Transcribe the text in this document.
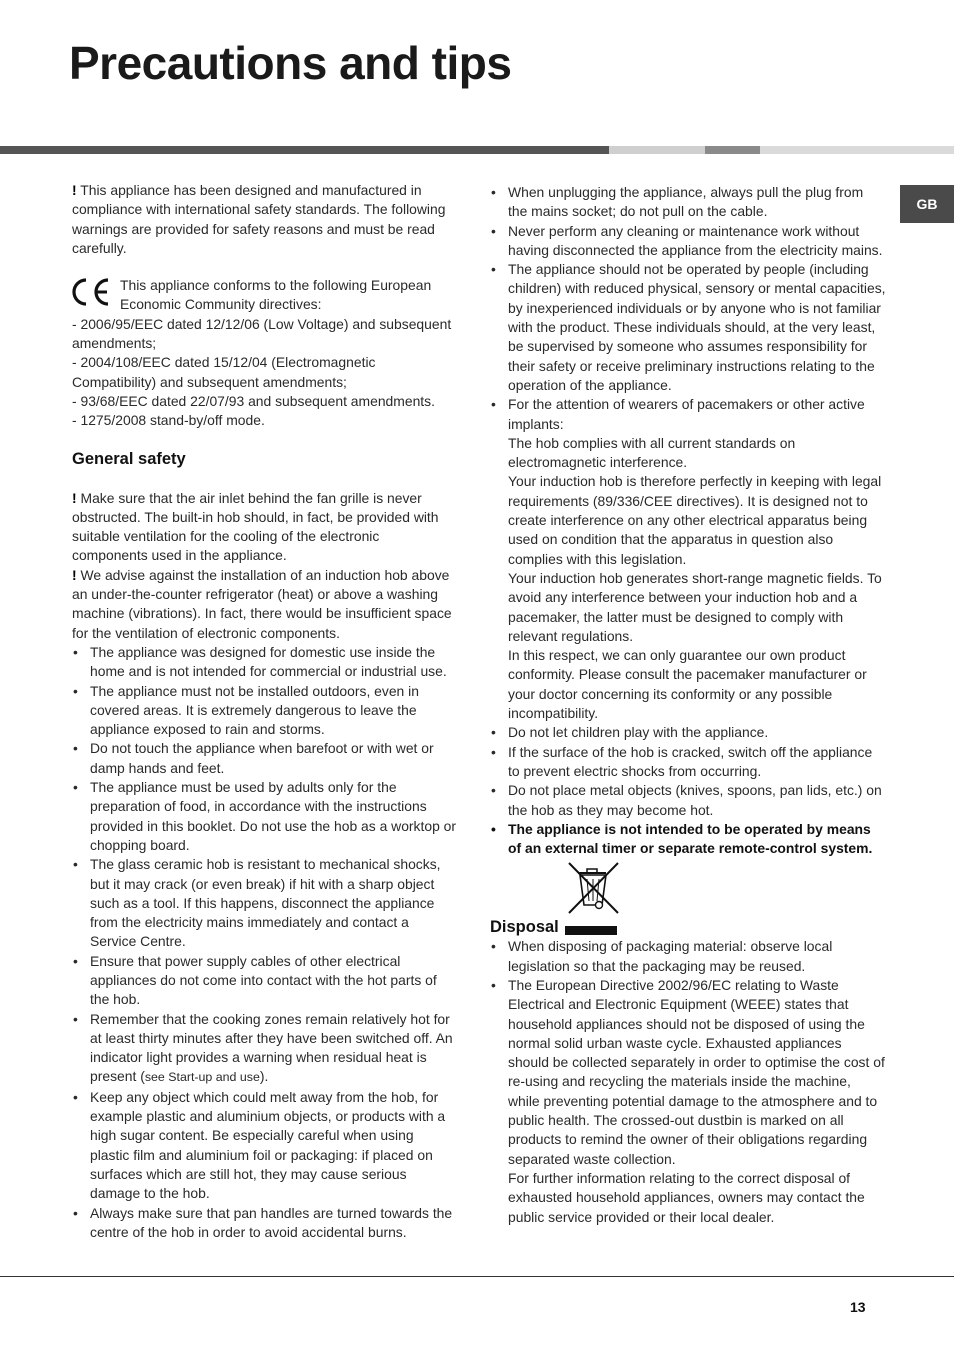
Precautions and tips
GB

! This appliance has been designed and manufactured in compliance with international safety standards. The following warnings are provided for safety reasons and must be read carefully.

This appliance conforms to the following European

Economic Community directives:

- 2006/95/EEC dated 12/12/06 (Low Voltage) and subsequent amendments;

- 2004/108/EEC dated 15/12/04 (Electromagnetic Compatibility) and subsequent amendments;

- 93/68/EEC dated 22/07/93 and subsequent amendments.

- 1275/2008 stand-by/off mode.

General safety

! Make sure that the air inlet behind the fan grille is never obstructed. The built-in hob should, in fact, be provided with suitable ventilation for the cooling of the electronic components used in the appliance.

! We advise against the installation of an induction hob above an under-the-counter refrigerator (heat) or above a washing machine (vibrations). In fact, there would be insufficient space for the ventilation of electronic components.

• The appliance was designed for domestic use inside the home and is not intended for commercial or industrial use.
• The appliance must not be installed outdoors, even in covered areas. It is extremely dangerous to leave the appliance exposed to rain and storms.
• Do not touch the appliance when barefoot or with wet or damp hands and feet.
• The appliance must be used by adults only for the preparation of food, in accordance with the instructions provided in this booklet. Do not use the hob as a worktop or chopping board.
• The glass ceramic hob is resistant to mechanical shocks, but it may crack (or even break) if hit with a sharp object such as a tool. If this happens, disconnect the appliance from the electricity mains immediately and contact a Service Centre.
• Ensure that power supply cables of other electrical appliances do not come into contact with the hot parts of the hob.
• Remember that the cooking zones remain relatively hot for at least thirty minutes after they have been switched off. An indicator light provides a warning when residual heat is present (see Start-up and use).
• Keep any object which could melt away from the hob, for example plastic and aluminium objects, or products with a high sugar content. Be especially careful when using plastic film and aluminium foil or packaging: if placed on surfaces which are still hot, they may cause serious damage to the hob.
• Always make sure that pan handles are turned towards the centre of the hob in order to avoid accidental burns.
• When unplugging the appliance, always pull the plug from the mains socket; do not pull on the cable.
• Never perform any cleaning or maintenance work without having disconnected the appliance from the electricity mains.
• The appliance should not be operated by people (including children) with reduced physical, sensory or mental capacities, by inexperienced individuals or by anyone who is not familiar with the product. These individuals should, at the very least, be supervised by someone who assumes responsibility for their safety or receive preliminary instructions relating to the operation of the appliance.
• For the attention of wearers of pacemakers or other active implants:
The hob complies with all current standards on electromagnetic interference.
Your induction hob is therefore perfectly in keeping with legal requirements (89/336/CEE directives). It is designed not to create interference on any other electrical apparatus being used on condition that the apparatus in question also complies with this legislation.
Your induction hob generates short-range magnetic fields. To avoid any interference between your induction hob and a pacemaker, the latter must be designed to comply with relevant regulations.
In this respect, we can only guarantee our own product conformity. Please consult the pacemaker manufacturer or your doctor concerning its conformity or any possible incompatibility.
• Do not let children play with the appliance.
• If the surface of the hob is cracked, switch off the appliance to prevent electric shocks from occurring.
• Do not place metal objects (knives, spoons, pan lids, etc.) on the hob as they may become hot.
• The appliance is not intended to be operated by means of an external timer or separate remote-control system.
Disposal
• When disposing of packaging material: observe local legislation so that the packaging may be reused.
• The European Directive 2002/96/EC relating to Waste Electrical and Electronic Equipment (WEEE) states that household appliances should not be disposed of using the normal solid urban waste cycle. Exhausted appliances should be collected separately in order to optimise the cost of re-using and recycling the materials inside the machine, while preventing potential damage to the atmosphere and to public health. The crossed-out dustbin is marked on all products to remind the owner of their obligations regarding separated waste collection.
For further information relating to the correct disposal of exhausted household appliances, owners may contact the public service provided or their local dealer.
13
